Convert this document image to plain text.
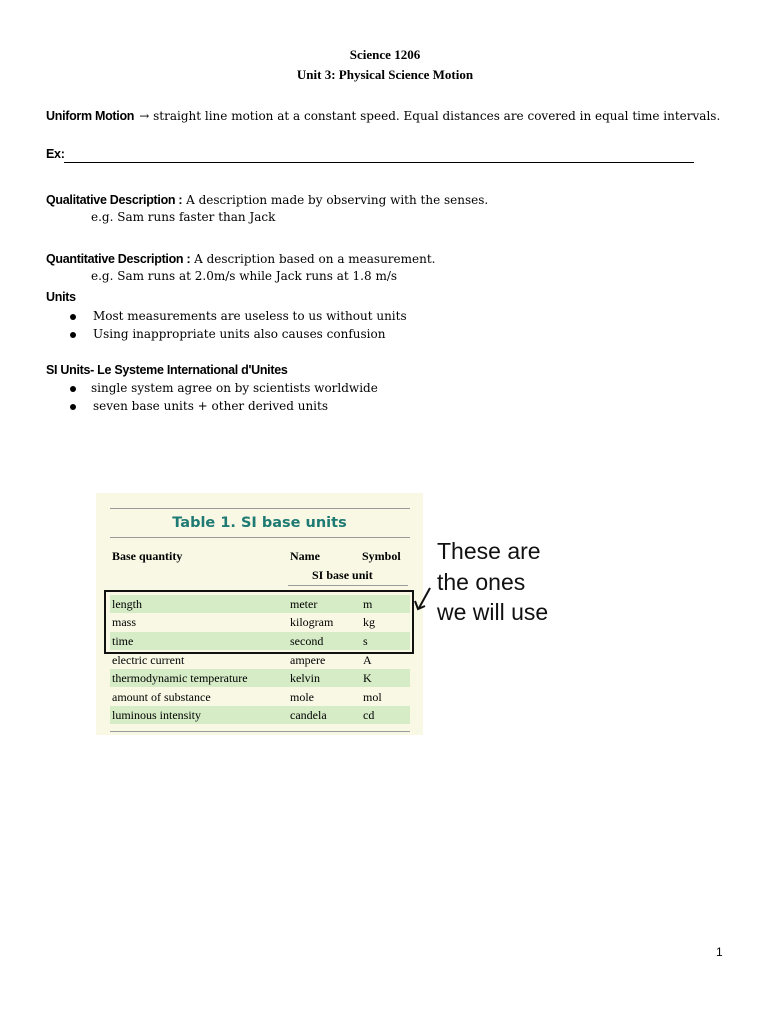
Science 1206
Unit 3: Physical Science Motion
Uniform Motion → straight line motion at a constant speed. Equal distances are covered in equal time intervals.
Ex:
Qualitative Description : A description made by observing with the senses.
e.g. Sam runs faster than Jack
Quantitative Description : A description based on a measurement.
e.g. Sam runs at 2.0m/s while Jack runs at 1.8 m/s
Units
Most measurements are useless to us without units
Using inappropriate units also causes confusion
SI Units- Le Systeme International d'Unites
single system agree on by scientists worldwide
seven base units + other derived units
Table 1. SI base units
Base quantity	Name	Symbol
SI base unit
length	meter	m
mass	kilogram kg
time	second	s
electric current	ampere	A
thermodynamic temperature	kelvin	K
amount of substance	mole	mol
luminous intensity	candela	cd
These are
the ones
we will use
1
